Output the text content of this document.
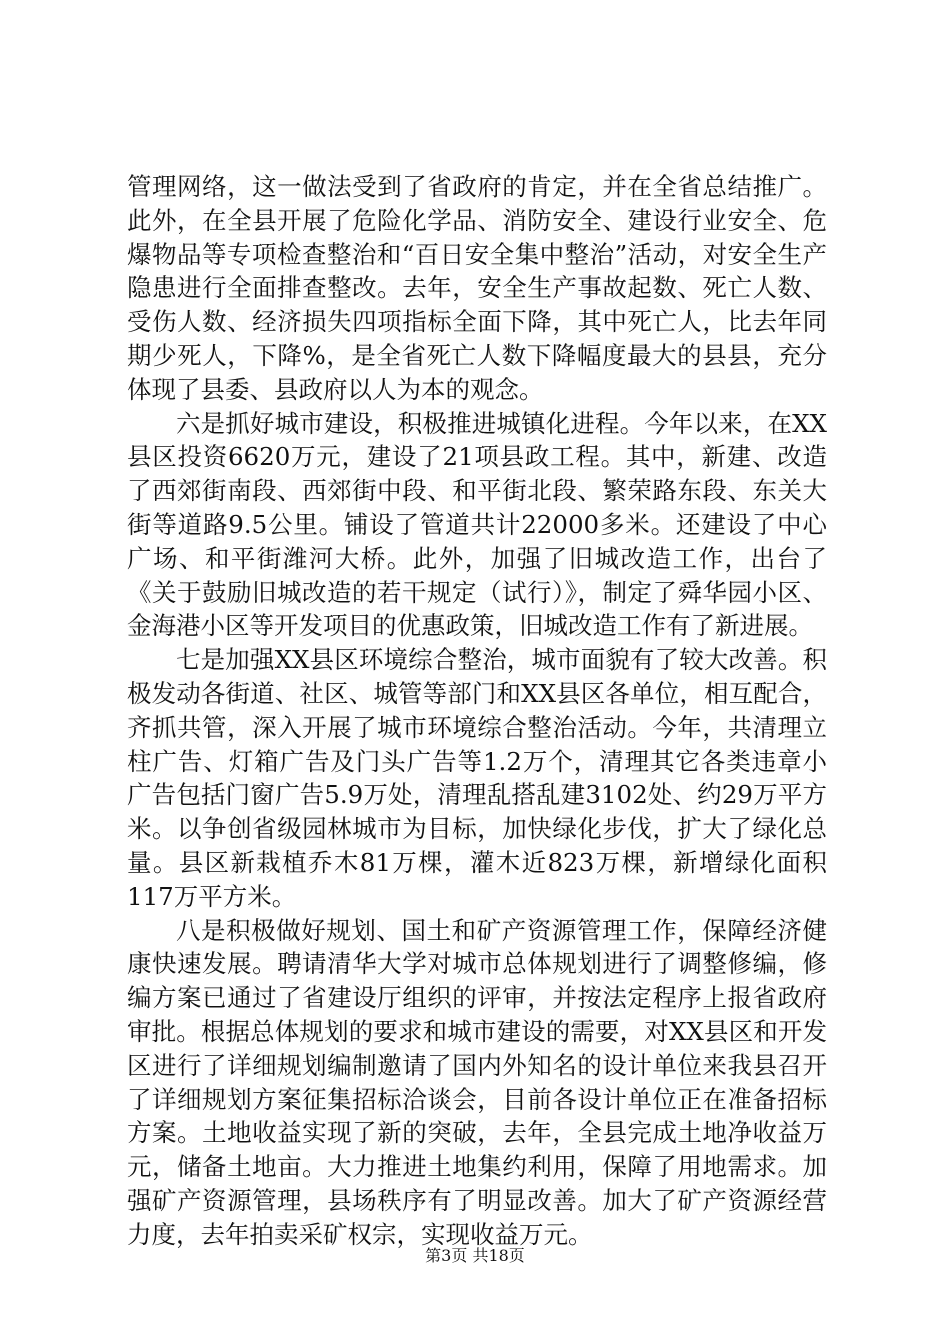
管理网络，这一做法受到了省政府的肯定，并在全省总结推广。此外，在全县开展了危险化学品、消防安全、建设行业安全、危爆物品等专项检查整治和“百日安全集中整治”活动，对安全生产隐患进行全面排查整改。去年，安全生产事故起数、死亡人数、受伤人数、经济损失四项指标全面下降，其中死亡人，比去年同期少死人，下降%，是全省死亡人数下降幅度最大的县县，充分体现了县委、县政府以人为本的观念。

六是抓好城市建设，积极推进城镇化进程。今年以来，在XX县区投资6620万元，建设了21项县政工程。其中，新建、改造了西郊街南段、西郊街中段、和平街北段、繁荣路东段、东关大街等道路9.5公里。铺设了管道共计22000多米。还建设了中心广场、和平街潍河大桥。此外，加强了旧城改造工作，出台了《关于鼓励旧城改造的若干规定（试行）》，制定了舜华园小区、金海港小区等开发项目的优惠政策，旧城改造工作有了新进展。

七是加强XX县区环境综合整治，城市面貌有了较大改善。积极发动各街道、社区、城管等部门和XX县区各单位，相互配合，齐抓共管，深入开展了城市环境综合整治活动。今年，共清理立柱广告、灯箱广告及门头广告等1.2万个，清理其它各类违章小广告包括门窗广告5.9万处，清理乱搭乱建3102处、约29万平方米。以争创省级园林城市为目标，加快绿化步伐，扩大了绿化总量。县区新栽植乔木81万棵，灌木近823万棵，新增绿化面积117万平方米。

八是积极做好规划、国土和矿产资源管理工作，保障经济健康快速发展。聘请清华大学对城市总体规划进行了调整修编，修编方案已通过了省建设厅组织的评审，并按法定程序上报省政府审批。根据总体规划的要求和城市建设的需要，对XX县区和开发区进行了详细规划编制邀请了国内外知名的设计单位来我县召开了详细规划方案征集招标洽谈会，目前各设计单位正在准备招标方案。土地收益实现了新的突破，去年，全县完成土地净收益万元，储备土地亩。大力推进土地集约利用，保障了用地需求。加强矿产资源管理，县场秩序有了明显改善。加大了矿产资源经营力度，去年拍卖采矿权宗，实现收益万元。

第3页 共18页
